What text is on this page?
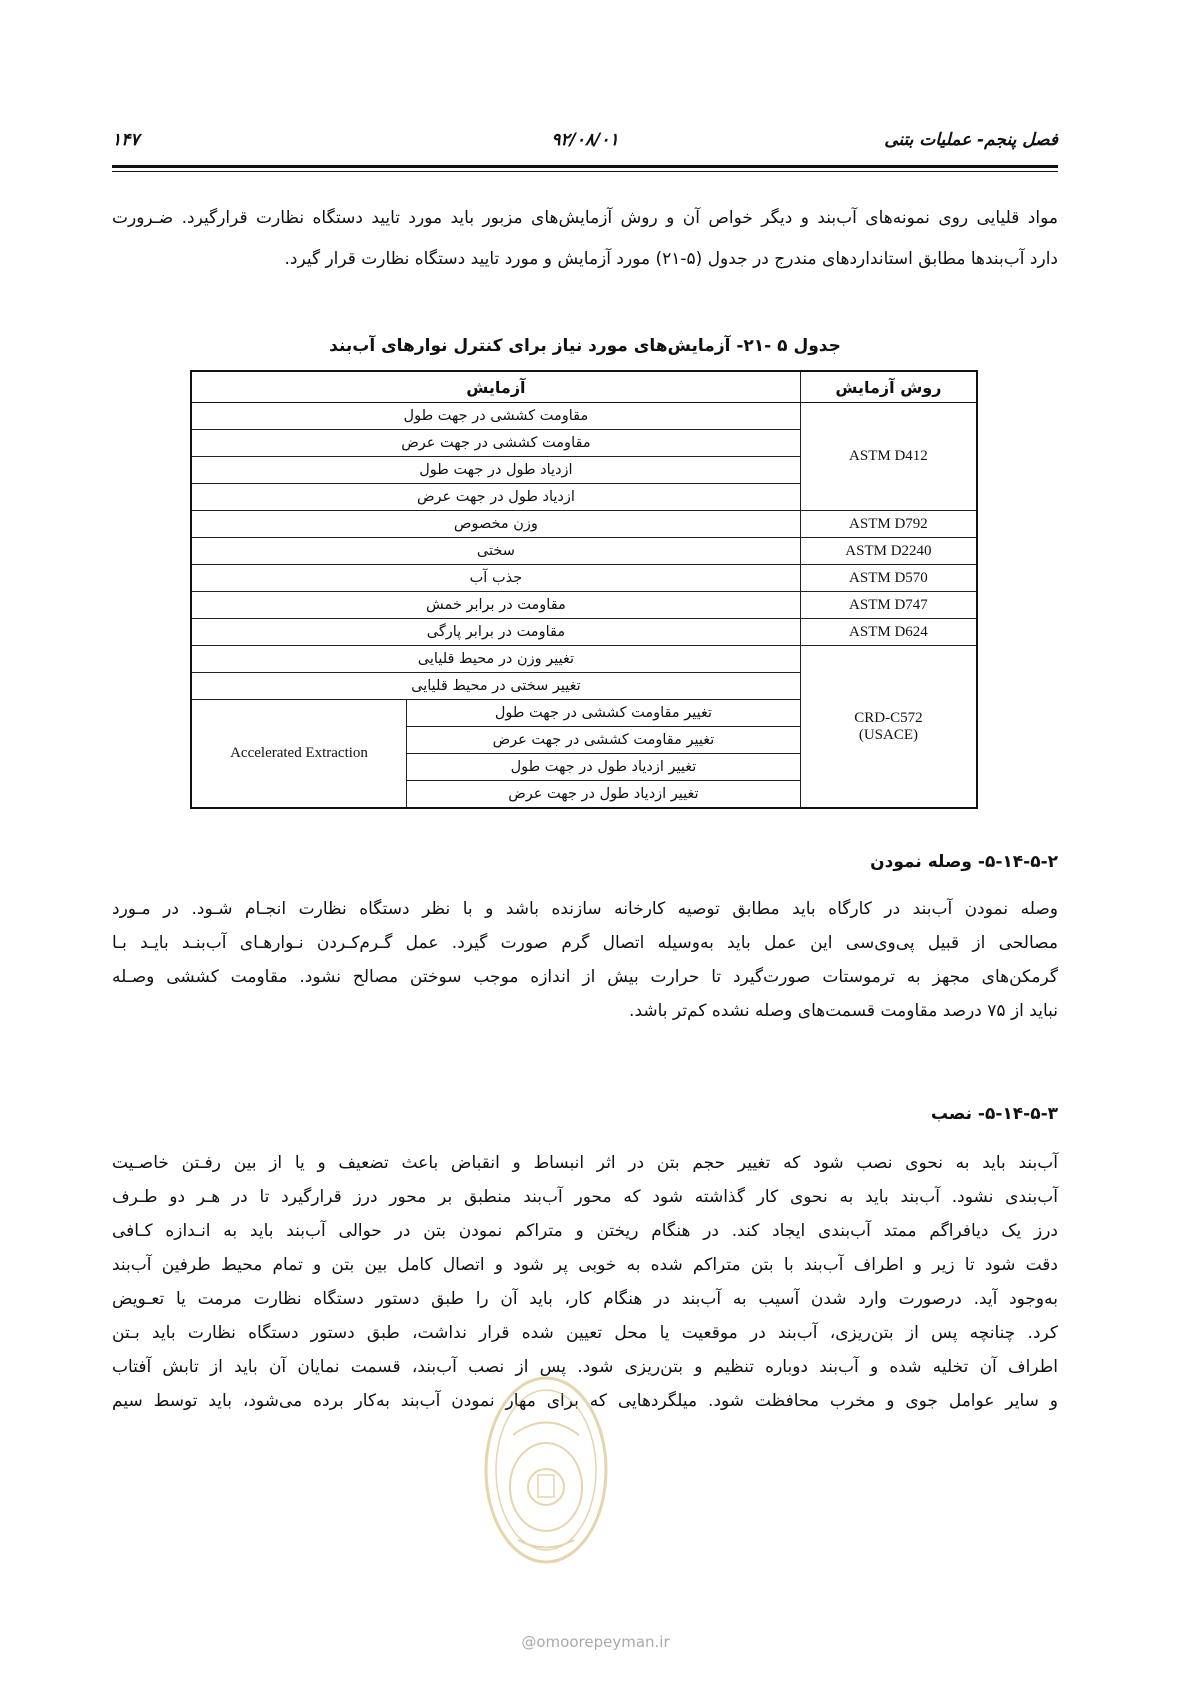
۱۴۷	۹۲/۰۸/۰۱	فصل پنجم- عملیات بتنی
مواد قلیایی روی نمونه‌های آب‌بند و دیگر خواص آن و روش آزمایش‌های مزبور باید مورد تایید دستگاه نظارت قرارگیرد. ضـرورت
دارد آب‌بندها مطابق استانداردهای مندرج در جدول (۵-۲۱) مورد آزمایش و مورد تایید دستگاه نظارت قرار گیرد.
جدول ۵ -۲۱- آزمایش‌های مورد نیاز برای کنترل نوارهای آب‌بند
آزمایش		روش آزمایش
مقاومت کششی در جهت طول		ASTM D412
مقاومت کششی در جهت عرض		
ازدیاد طول در جهت طول		
ازدیاد طول در جهت عرض		
وزن مخصوص		ASTM D792
سختی		ASTM D2240
جذب آب		ASTM D570
مقاومت در برابر خمش		ASTM D747
مقاومت در برابر پارگی		ASTM D624
تغییر وزن در محیط قلیایی		CRD-C572
(USACE)

تغییر سختی در محیط قلیایی		
Accelerated Extraction	تغییر مقاومت کششی در جهت طول	
	تغییر مقاومت کششی در جهت عرض	
	تغییر ازدیاد طول در جهت طول	
	تغییر ازدیاد طول در جهت عرض	
۵-۱۴-۵-۲- وصله نمودن
وصله نمودن آب‌بند در کارگاه باید مطابق توصیه کارخانه سازنده باشد و با نظر دستگاه نظارت انجـام شـود. در مـورد
مصالحی از قبیل پی‌وی‌سی این عمل باید به‌وسیله اتصال گرم صورت گیرد. عمل گـرم‌کـردن نـوارهـای آب‌بنـد بایـد بـا
گرمکن‌های مجهز به ترموستات صورت‌گیرد تا حرارت بیش از اندازه موجب سوختن مصالح نشود. مقاومت کششی وصـله
نباید از ۷۵ درصد مقاومت قسمت‌های وصله نشده کم‌تر باشد.
۵-۱۴-۵-۳- نصب
آب‌بند باید به نحوی نصب شود که تغییر حجم بتن در اثر انبساط و انقباض باعث تضعیف و یا از بین رفـتن خاصـیت
آب‌بندی نشود. آب‌بند باید به نحوی کار گذاشته شود که محور آب‌بند منطبق بر محور درز قرارگیرد تا در هـر دو طـرف
درز یک دیافراگم ممتد آب‌بندی ایجاد کند. در هنگام ریختن و متراکم نمودن بتن در حوالی آب‌بند باید به انـدازه کـافی
دقت شود تا زیر و اطراف آب‌بند با بتن متراکم شده به خوبی پر شود و اتصال کامل بین بتن و تمام محیط طرفین آب‌بند
به‌وجود آید. درصورت وارد شدن آسیب به آب‌بند در هنگام کار، باید آن را طبق دستور دستگاه نظارت مرمت یا تعـویض
کرد. چنانچه پس از بتن‌ریزی، آب‌بند در موقعیت یا محل تعیین شده قرار نداشت، طبق دستور دستگاه نظارت باید بـتن
اطراف آن تخلیه شده و آب‌بند دوباره تنظیم و بتن‌ریزی شود. پس از نصب آب‌بند، قسمت نمایان آن باید از تابش آفتاب
و سایر عوامل جوی و مخرب محافظت شود. میلگردهایی که برای مهار نمودن آب‌بند به‌کار برده می‌شود، باید توسط سیم
@omoorepeyman.ir
